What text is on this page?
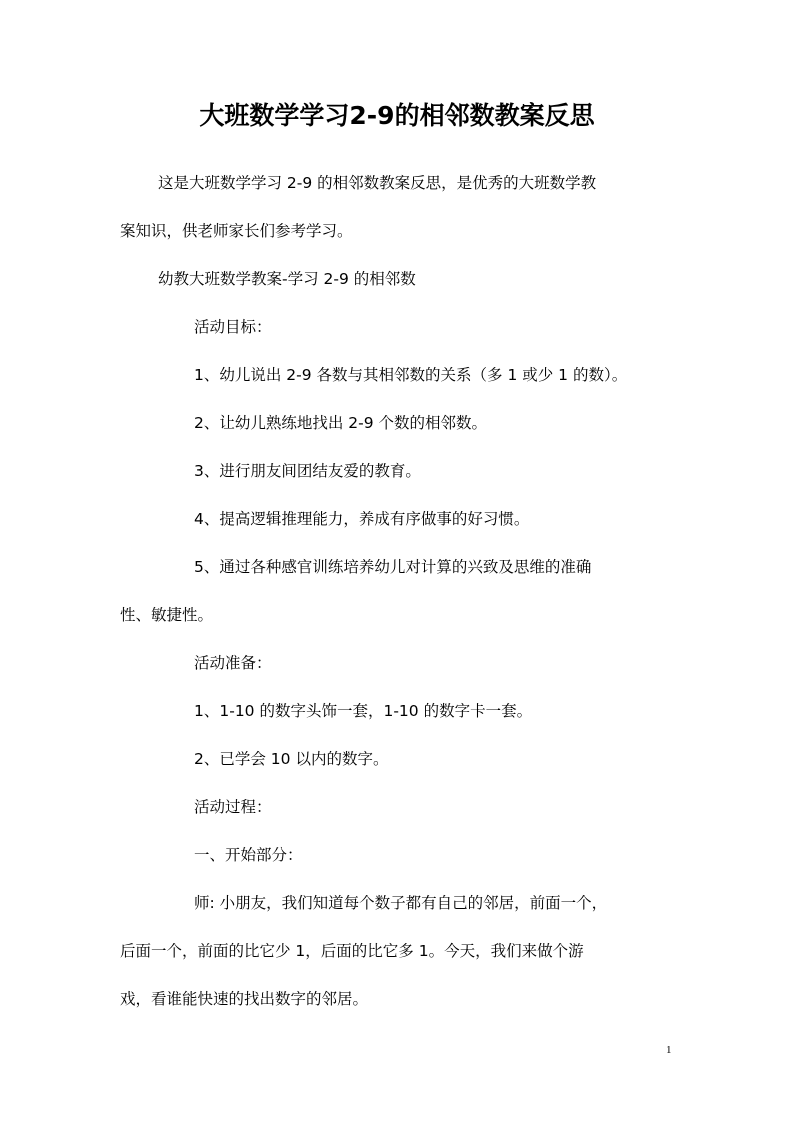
大班数学学习2-9的相邻数教案反思
这是大班数学学习 2-9 的相邻数教案反思，是优秀的大班数学教
案知识，供老师家长们参考学习。
幼教大班数学教案-学习 2-9 的相邻数
活动目标：
1、幼儿说出 2-9 各数与其相邻数的关系（多 1 或少 1 的数）。
2、让幼儿熟练地找出 2-9 个数的相邻数。
3、进行朋友间团结友爱的教育。
4、提高逻辑推理能力，养成有序做事的好习惯。
5、通过各种感官训练培养幼儿对计算的兴致及思维的准确
性、敏捷性。
活动准备：
1、1-10 的数字头饰一套，1-10 的数字卡一套。
2、已学会 10 以内的数字。
活动过程：
一、开始部分：
师: 小朋友，我们知道每个数子都有自己的邻居，前面一个，
后面一个，前面的比它少 1，后面的比它多 1。今天，我们来做个游
戏，看谁能快速的找出数字的邻居。
1
